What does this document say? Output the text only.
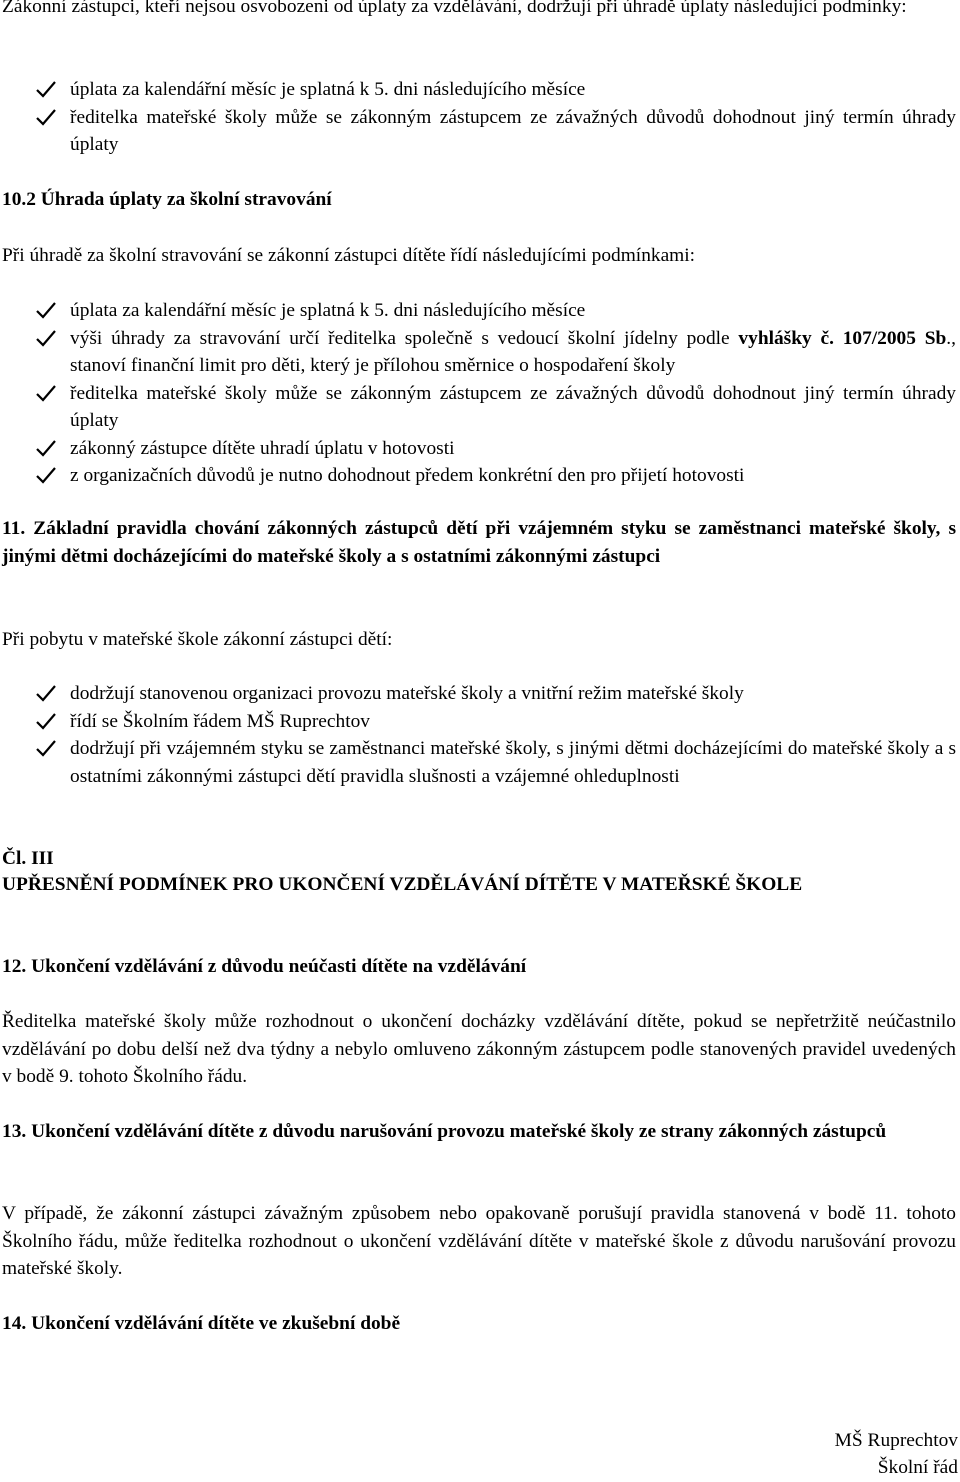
Zákonní zástupci, kteří nejsou osvobozeni od úplaty za vzdělávání, dodržují při úhradě úplaty následující podmínky:

úplata za kalendářní měsíc je splatná k 5. dni následujícího měsíce
ředitelka mateřské školy může se zákonným zástupcem ze závažných důvodů dohodnout jiný termín úhrady úplaty

10.2 Úhrada úplaty za školní stravování

Při úhradě za školní stravování se zákonní zástupci dítěte řídí následujícími podmínkami:

úplata za kalendářní měsíc je splatná k 5. dni následujícího měsíce
výši úhrady za stravování určí ředitelka společně s vedoucí školní jídelny podle vyhlášky č. 107/2005 Sb., stanoví finanční limit pro děti, který je přílohou směrnice o hospodaření školy
ředitelka mateřské školy může se zákonným zástupcem ze závažných důvodů dohodnout jiný termín úhrady úplaty
zákonný zástupce dítěte uhradí úplatu v hotovosti
z organizačních důvodů je nutno dohodnout předem konkrétní den pro přijetí hotovosti

11. Základní pravidla chování zákonných zástupců dětí při vzájemném styku se zaměstnanci mateřské školy, s jinými dětmi docházejícími do mateřské školy a s ostatními zákonnými zástupci

Při pobytu v mateřské škole zákonní zástupci dětí:

dodržují stanovenou organizaci provozu mateřské školy a vnitřní režim mateřské školy
řídí se Školním řádem MŠ Ruprechtov
dodržují při vzájemném styku se zaměstnanci mateřské školy, s jinými dětmi docházejícími do mateřské školy a s ostatními zákonnými zástupci dětí pravidla slušnosti a vzájemné ohleduplnosti

Čl. III

UPŘESNĚNÍ PODMÍNEK PRO UKONČENÍ VZDĚLÁVÁNÍ DÍTĚTE V MATEŘSKÉ ŠKOLE

12. Ukončení vzdělávání z důvodu neúčasti dítěte na vzdělávání

Ředitelka mateřské školy může rozhodnout o ukončení docházky vzdělávání dítěte, pokud se nepřetržitě neúčastnilo vzdělávání po dobu delší než dva týdny a nebylo omluveno zákonným zástupcem podle stanovených pravidel uvedených v bodě 9. tohoto Školního řádu.

13. Ukončení vzdělávání dítěte z důvodu narušování provozu mateřské školy ze strany zákonných zástupců

V případě, že zákonní zástupci závažným způsobem nebo opakovaně porušují pravidla stanovená v bodě 11. tohoto Školního řádu, může ředitelka rozhodnout o ukončení vzdělávání dítěte v mateřské škole z důvodu narušování provozu mateřské školy.

14. Ukončení vzdělávání dítěte ve zkušební době

MŠ Ruprechtov

Školní řád
